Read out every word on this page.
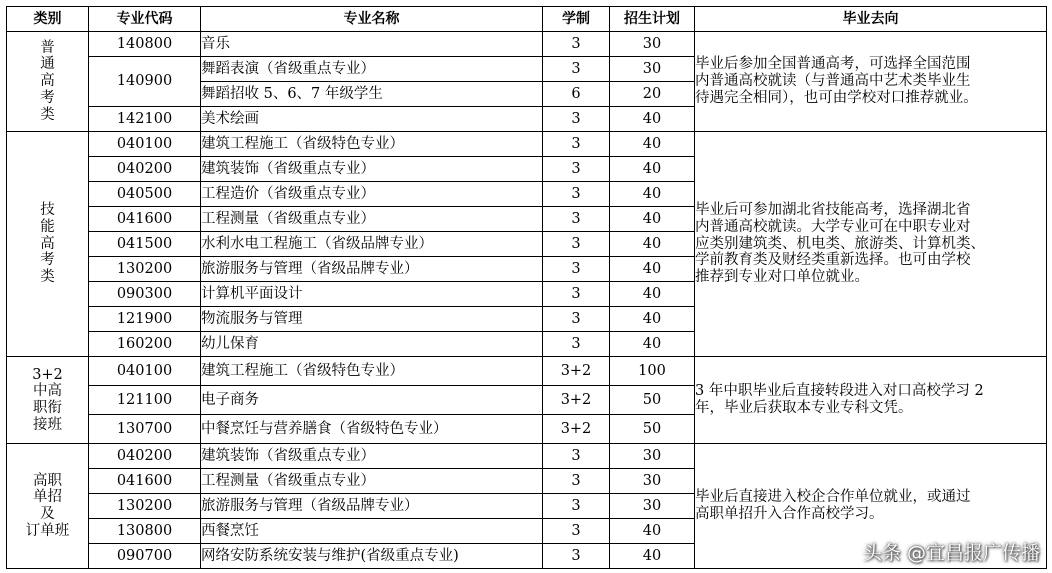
类别	专业代码	专业名称	学制	招生计划	毕业去向

普
通
高
考
类	140800	音乐	3	30	毕业后参加全国普通高考，可选择全国范围
内普通高校就读（与普通高中艺术类毕业生
待遇完全相同），也可由学校对口推荐就业。

	140900	舞蹈表演（省级重点专业）	3	30	
		舞蹈招收 5、6、7 年级学生	6	20	
	142100	美术绘画	3	40	

技
能
高
考
类	040100	建筑工程施工（省级特色专业）	3	40	毕业后可参加湖北省技能高考，选择湖北省
内普通高校就读。大学专业可在中职专业对
应类别建筑类、机电类、旅游类、计算机类、
学前教育类及财经类重新选择。也可由学校
推荐到专业对口单位就业。

	040200	建筑装饰（省级重点专业）	3	40	
	040500	工程造价（省级重点专业）	3	40	
	041600	工程测量（省级重点专业）	3	40	
	041500	水利水电工程施工（省级品牌专业）	3	40	
	130200	旅游服务与管理（省级品牌专业）	3	40	
	090300	计算机平面设计	3	40	
	121900	物流服务与管理	3	40	
	160200	幼儿保育	3	40	

3+2
中高
职衔
接班	040100	建筑工程施工（省级特色专业）	3+2	100	3 年中职毕业后直接转段进入对口高校学习 2
年，毕业后获取本专业专科文凭。

	121100	电子商务	3+2	50	
	130700	中餐烹饪与营养膳食（省级特色专业）	3+2	50	

高职
单招
及
订单班	040200	建筑装饰（省级重点专业）	3	30	毕业后直接进入校企合作单位就业，或通过
高职单招升入合作高校学习。

	041600	工程测量（省级重点专业）	3	30	
	130200	旅游服务与管理（省级品牌专业）	3	30	
	130800	西餐烹饪	3	40	
	090700	网络安防系统安装与维护(省级重点专业)	3	40		头条 @宜昌报广传播
